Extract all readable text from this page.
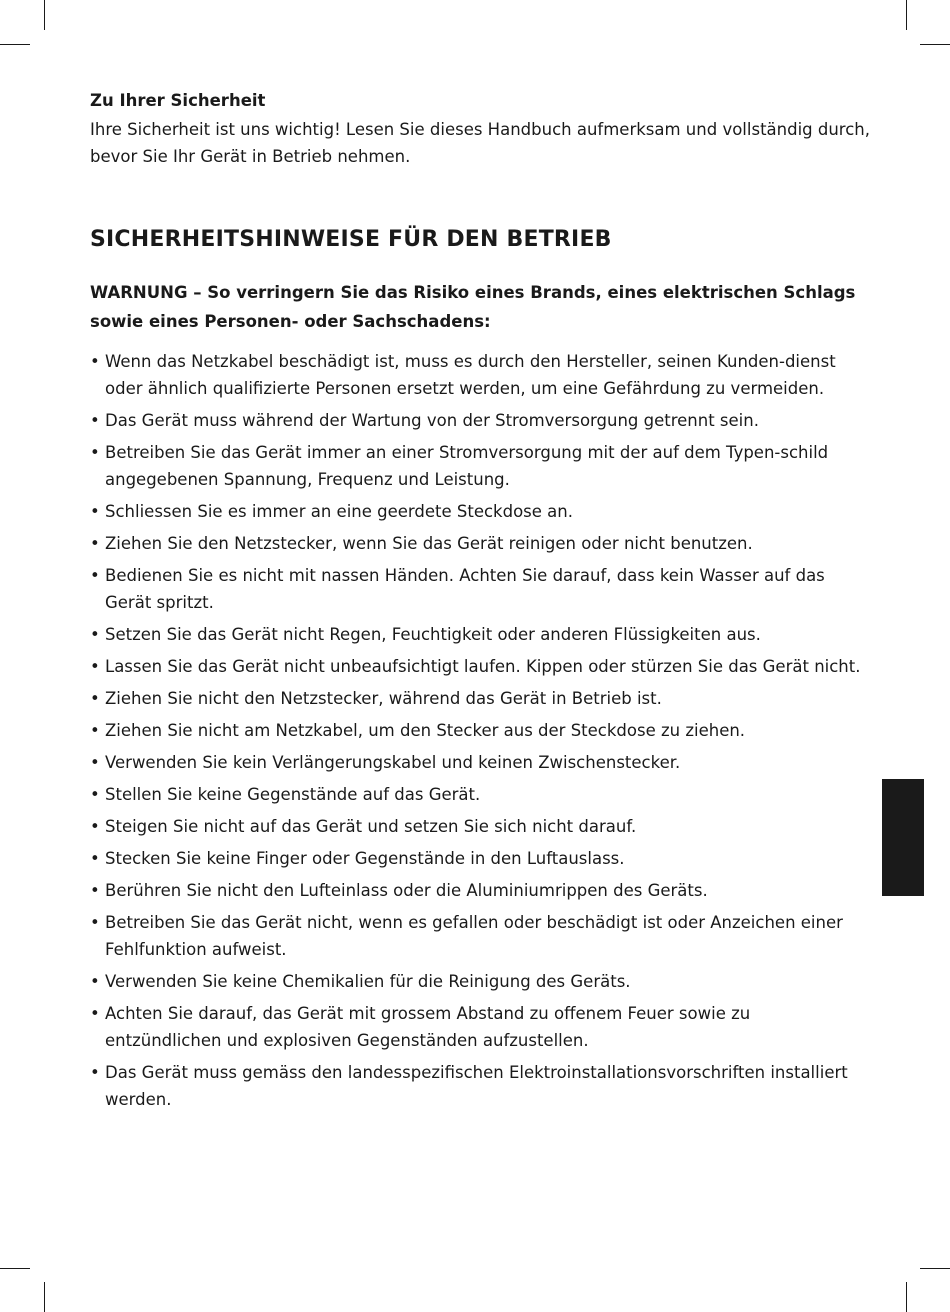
Zu Ihrer Sicherheit

Ihre Sicherheit ist uns wichtig! Lesen Sie dieses Handbuch aufmerksam und vollständig durch, bevor Sie Ihr Gerät in Betrieb nehmen.

SICHERHEITSHINWEISE FÜR DEN BETRIEB

WARNUNG – So verringern Sie das Risiko eines Brands, eines elektrischen Schlags sowie eines Personen- oder Sachschadens:

• Wenn das Netzkabel beschädigt ist, muss es durch den Hersteller, seinen Kunden-dienst oder ähnlich qualifizierte Personen ersetzt werden, um eine Gefährdung zu vermeiden.
• Das Gerät muss während der Wartung von der Stromversorgung getrennt sein.
• Betreiben Sie das Gerät immer an einer Stromversorgung mit der auf dem Typen-schild angegebenen Spannung, Frequenz und Leistung.
• Schliessen Sie es immer an eine geerdete Steckdose an.
• Ziehen Sie den Netzstecker, wenn Sie das Gerät reinigen oder nicht benutzen.
• Bedienen Sie es nicht mit nassen Händen. Achten Sie darauf, dass kein Wasser auf das Gerät spritzt.
• Setzen Sie das Gerät nicht Regen, Feuchtigkeit oder anderen Flüssigkeiten aus.
• Lassen Sie das Gerät nicht unbeaufsichtigt laufen. Kippen oder stürzen Sie das Gerät nicht.
• Ziehen Sie nicht den Netzstecker, während das Gerät in Betrieb ist.
• Ziehen Sie nicht am Netzkabel, um den Stecker aus der Steckdose zu ziehen.
• Verwenden Sie kein Verlängerungskabel und keinen Zwischenstecker.
• Stellen Sie keine Gegenstände auf das Gerät.
• Steigen Sie nicht auf das Gerät und setzen Sie sich nicht darauf.
• Stecken Sie keine Finger oder Gegenstände in den Luftauslass.
• Berühren Sie nicht den Lufteinlass oder die Aluminiumrippen des Geräts.
• Betreiben Sie das Gerät nicht, wenn es gefallen oder beschädigt ist oder Anzeichen einer Fehlfunktion aufweist.
• Verwenden Sie keine Chemikalien für die Reinigung des Geräts.
• Achten Sie darauf, das Gerät mit grossem Abstand zu offenem Feuer sowie zu entzündlichen und explosiven Gegenständen aufzustellen.
• Das Gerät muss gemäss den landesspezifischen Elektroinstallationsvorschriften installiert werden.
